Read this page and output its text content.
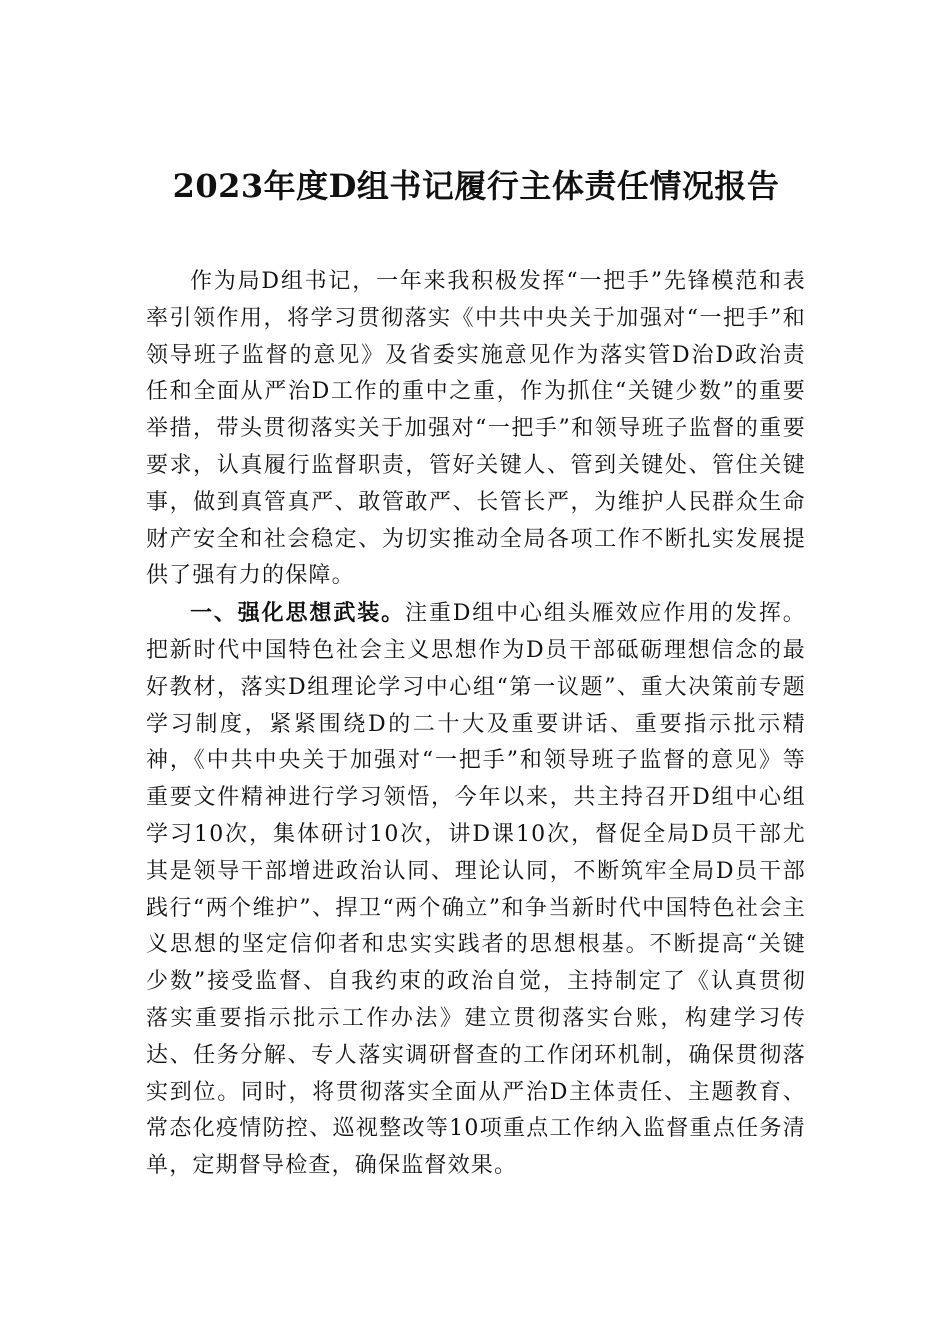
2023年度D组书记履行主体责任情况报告

作为局D组书记，一年来我积极发挥“一把手”先锋模范和表率引领作用，将学习贯彻落实《中共中央关于加强对“一把手”和领导班子监督的意见》及省委实施意见作为落实管D治D政治责任和全面从严治D工作的重中之重，作为抓住“关键少数”的重要举措，带头贯彻落实关于加强对“一把手”和领导班子监督的重要要求，认真履行监督职责，管好关键人、管到关键处、管住关键事，做到真管真严、敢管敢严、长管长严，为维护人民群众生命财产安全和社会稳定、为切实推动全局各项工作不断扎实发展提供了强有力的保障。

一、强化思想武装。注重D组中心组头雁效应作用的发挥。把新时代中国特色社会主义思想作为D员干部砥砺理想信念的最好教材，落实D组理论学习中心组“第一议题”、重大决策前专题学习制度，紧紧围绕D的二十大及重要讲话、重要指示批示精神，《中共中央关于加强对“一把手”和领导班子监督的意见》等重要文件精神进行学习领悟，今年以来，共主持召开D组中心组学习10次，集体研讨10次，讲D课10次，督促全局D员干部尤其是领导干部增进政治认同、理论认同，不断筑牢全局D员干部践行“两个维护”、捍卫“两个确立”和争当新时代中国特色社会主义思想的坚定信仰者和忠实实践者的思想根基。不断提高“关键少数”接受监督、自我约束的政治自觉，主持制定了《认真贯彻落实重要指示批示工作办法》建立贯彻落实台账，构建学习传达、任务分解、专人落实调研督查的工作闭环机制，确保贯彻落实到位。同时，将贯彻落实全面从严治D主体责任、主题教育、常态化疫情防控、巡视整改等10项重点工作纳入监督重点任务清单，定期督导检查，确保监督效果。
